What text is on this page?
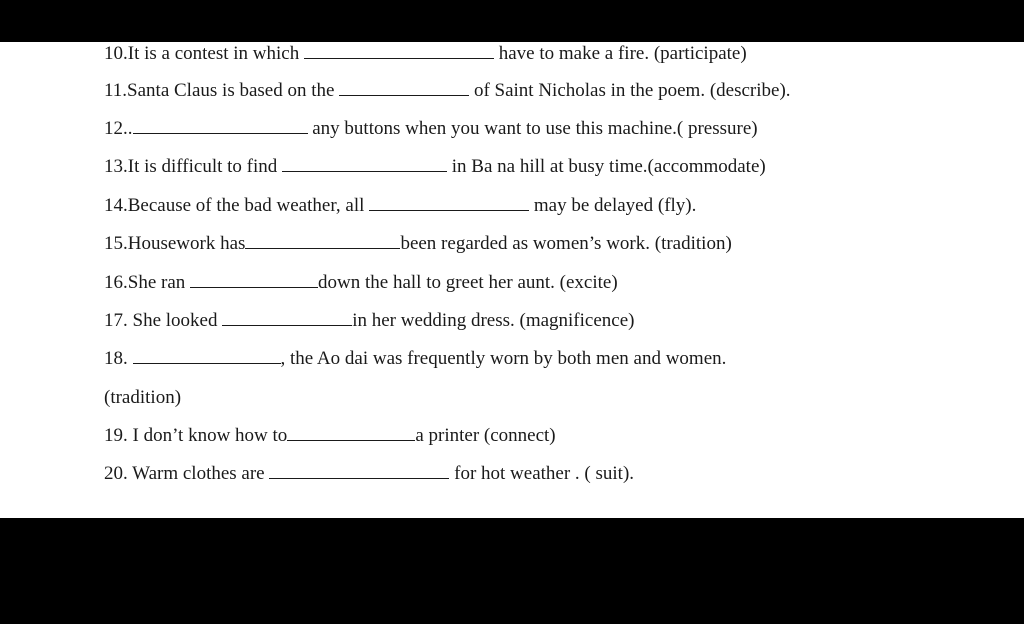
10.It is a contest in which	have to make a fire. (participate)
11.Santa Claus is based on the	of Saint Nicholas in the poem. (describe).
12..	any buttons when you want to use this machine.( pressure)
13.It is difficult to find	in Ba na hill at busy time.(accommodate)
14.Because of the bad weather, all	may be delayed (fly).
15.Housework has	been regarded as women’s work. (tradition)
16.She ran	down the hall to greet her aunt. (excite)
17. She looked	in her wedding dress. (magnificence)
18.	, the Ao dai was frequently worn by both men and women.
(tradition)
19. I don’t know how to	a printer (connect)
20. Warm clothes are	for hot weather . ( suit).
